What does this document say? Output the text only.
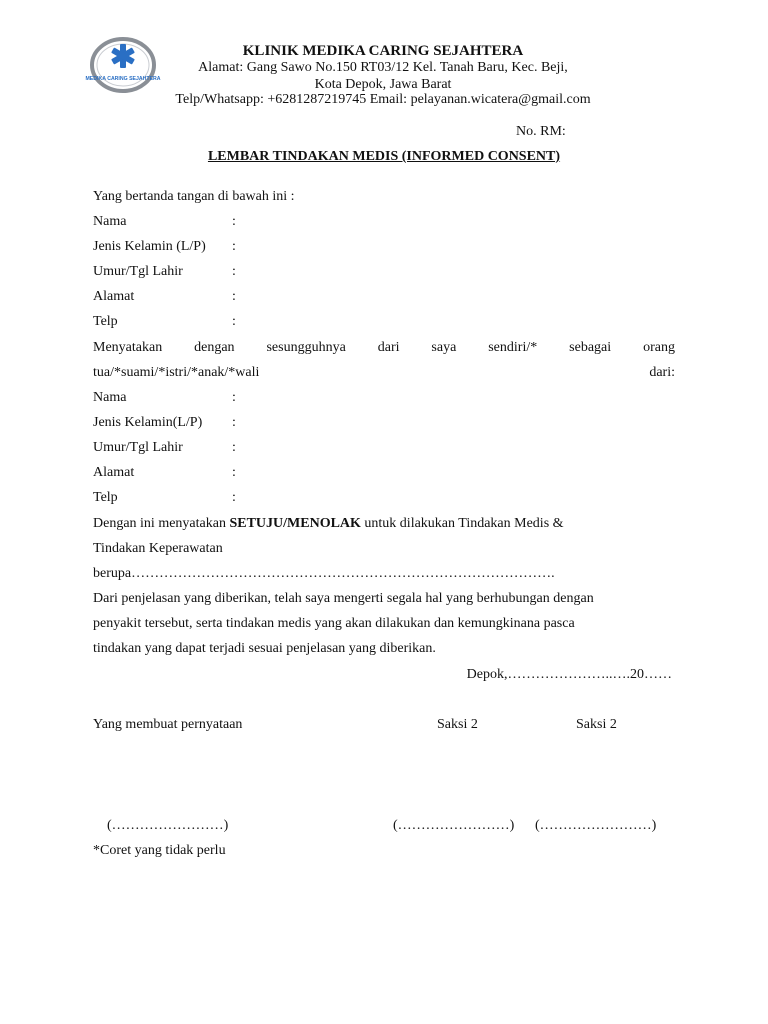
MEDIKA CARING SEJAHTERA
KLINIK MEDIKA CARING SEJAHTERA
Alamat: Gang Sawo No.150 RT03/12 Kel. Tanah Baru, Kec. Beji,
Kota Depok, Jawa Barat
Telp/Whatsapp: +6281287219745 Email: pelayanan.wicatera@gmail.com
No. RM:
LEMBAR TINDAKAN MEDIS (INFORMED CONSENT)
Yang bertanda tangan di bawah ini :
Nama	:
Jenis Kelamin (L/P) :
Umur/Tgl Lahir	:
Alamat	:
Telp	:
Menyatakan dengan sesungguhnya dari saya sendiri/* sebagai orang
tua/*suami/*istri/*anak/*wali	dari:
Nama	:
Jenis Kelamin(L/P) :
Umur/Tgl Lahir	:
Alamat	:
Telp	:
Dengan ini menyatakan SETUJU/MENOLAK untuk dilakukan Tindakan Medis &
Tindakan Keperawatan
berupa……………………………………………………………………………….
Dari penjelasan yang diberikan, telah saya mengerti segala hal yang berhubungan dengan
penyakit tersebut, serta tindakan medis yang akan dilakukan dan kemungkinana pasca
tindakan yang dapat terjadi sesuai penjelasan yang diberikan.
Depok,…………………..….20……
Yang membuat pernyataan	Saksi 2	Saksi 2
(……………………)	(……………………) (……………………)
*Coret yang tidak perlu
